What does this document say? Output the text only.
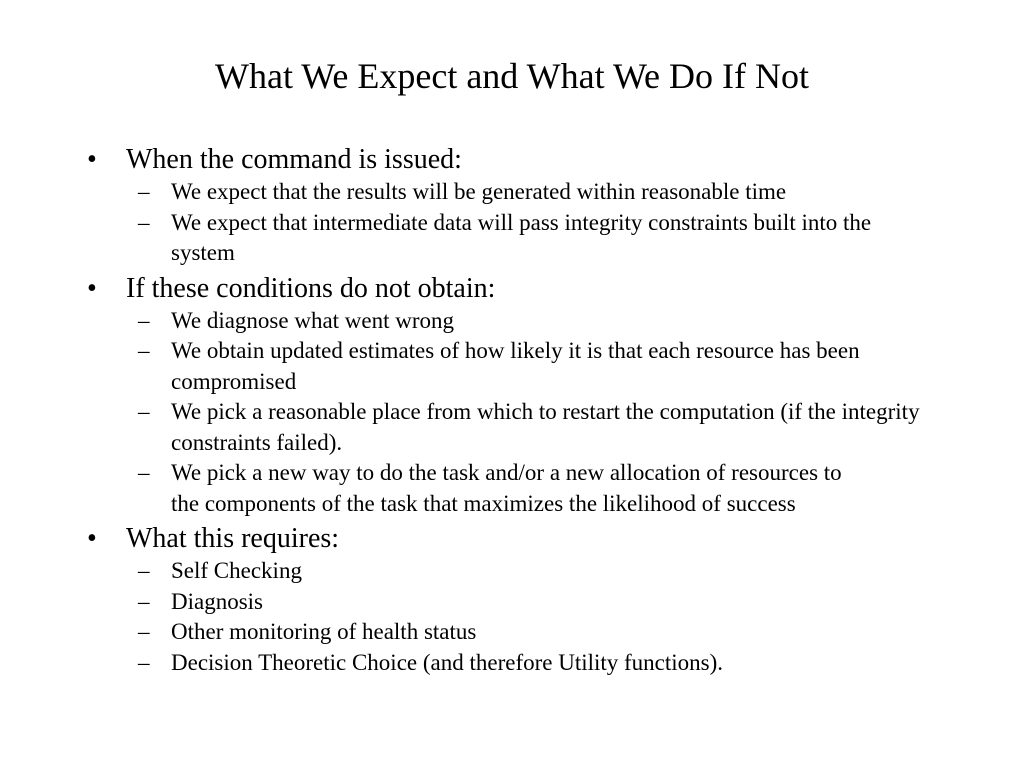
What We Expect and What We Do If Not

• When the command is issued:

– We expect that the results will be generated within reasonable time

– We expect that intermediate data will pass integrity constraints built into the system

• If these conditions do not obtain:

– We diagnose what went wrong

– We obtain updated estimates of how likely it is that each resource has been compromised

– We pick a reasonable place from which to restart the computation (if the integrity constraints failed).

– We pick a new way to do the task and/or a new allocation of resources to the components of the task that maximizes the likelihood of success

• What this requires:

– Self Checking

– Diagnosis

– Other monitoring of health status

– Decision Theoretic Choice (and therefore Utility functions).
